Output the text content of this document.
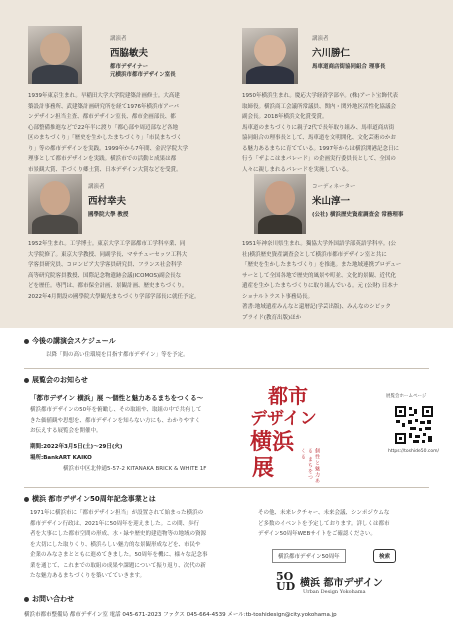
講演者
西脇敏夫
都市デザイナー
元横浜市都市デザイン室長
1939年東京生まれ。早稲田大学大学院建築計画修士。大高建
築設計事務所、武建築計画研究所を経て1976年横浜市アーバ
ンデザイン担当主査、都市デザイン室長、都市企画部長、都
心部整備推進などで22年半に渡り「都心部や周辺部など各地
区のまちづくり」「歴史を生かしたまちづくり」「市民まちづく
り」等の都市デザインを実践。1999年から7年間、金沢学院大学
理事として都市デザインを実践。横浜市での活動と成果は都
市景観大賞、手づくり郷土賞、日本デザイン大賞などを受賞。
講演者
六川勝仁
馬車道商店街協同組合 理事長
1950年横浜生まれ。慶応大学経済学部卒。(株)アート宝飾代表
取締役。横浜商工会議所常議員、関内・関外地区活性化協議会
副会長。2018年横浜文化賞受賞。
馬車道のまちづくりに親子2代で長年取り組み、馬車道商店街
協同組合の理事長として、馬車道を文明開化、文化芸術のかお
る魅力あるまちに育てている。1997年からは横浜開港記念日に
行う「ザよこはまパレード」の企画実行委員長として、全国の
人々に親しまれるパレードを実施している。
講演者
西村幸夫
國學院大學 教授
1952年生まれ。工学博士。東京大学工学部都市工学科卒業、同
大学院修了。東京大学教授、同副学長、マサチューセッツ工科大
学客員研究員、コロンビア大学客員研究員、フランス社会科学
高等研究院客員教授、国際記念物遺跡会議(ICOMOS)副会長な
どを歴任。専門は、都市保全計画、景観計画、歴史まちづくり。
2022年4月開設の國學院大學観光まちづくり学部学部長に就任予定。
コーディネーター
米山淳一
(公社) 横浜歴史資産調査会 常務理事
1951年神奈川県生まれ。獨協大学外国語学部英語学科卒。(公
社)横浜歴史資産調査会として横浜市都市デザイン室と共に
「歴史を生かしたまちづくり」を推進。また地域連携プロデュー
サーとして全国各地で歴史的風景や町並、文化的景観、近代化
遺産を生かしたまちづくりに取り組んでいる。元 (公財) 日本ナ
ショナルトラスト事務局長。
著書:地域遺産みんなと還暦記(学芸出版)、みんなのシビック
プライド(教育出版)ほか
今後の講演会スケジュール
以降「間の高い住環境を目指す都市デザイン」等を予定。
展覧会のお知らせ
「都市デザイン 横浜」展 〜個性と魅力あるまちをつくる〜
横浜都市デザインの50年を俯瞰し、その取組や、取組の中で共有して
きた価値観や思想を、都市デザインを知らない方にも、わかりやすく
お伝えする展覧会を開催中。
期間:2022年3月5日(土)〜29日(火)
場所:BankART KAIKO
横浜市中区北仲通5-57-2 KITANAKA BRICK & WHITE 1F
都市
デザイン
横浜
展	個性と魅力ある まちをつくる
展覧会ホームページ
https://toshide50.com/
横浜 都市デザイン50周年記念事業とは
1971年に横浜市に「都市デザイン担当」が設置されて始まった横浜の
都市デザイン行政は、2021年に50周年を迎えました。この間、歩行
者を大事にした都市空間の形成、水・緑や歴史的建造物等の地域の資源
を大切にした取りくり、横浜らしい魅力的な景観形成などを、市民や
企業のみなさまとともに進めてきました。50周年を機に、様々な記念事
業を通じて、これまでの取組の成果や課題について振り返り、次代の新
たな魅力あるまちづくりを築いてていきます。
その他、未来レクチャー、未来会議、シンポジウムな
ど多数のイベントを予定しております。詳しくは都市
デザイン50周年WEBサイトをご確認ください。
横浜都市デザイン50周年	検索
5O
UD 横浜 都市デザイン
Urban Design Yokohama
お問い合わせ
横浜市都市整備局 都市デザイン室 電話 045-671-2023 ファクス 045-664-4539 メール:tb-toshidesign@city.yokohama.jp
